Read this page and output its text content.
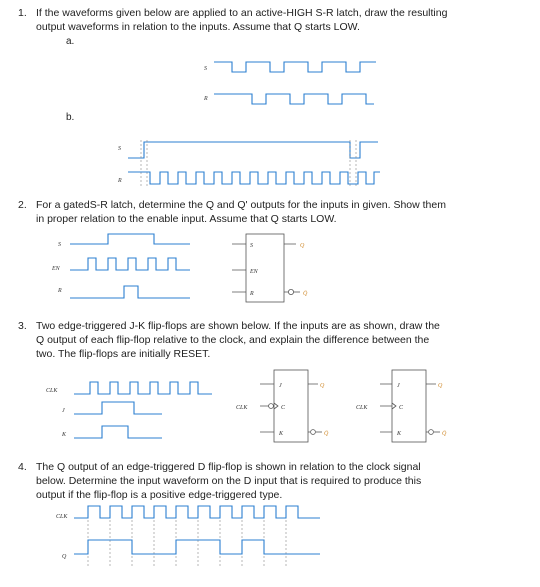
1. If the waveforms given below are applied to an active-HIGH S-R latch, draw the resulting
output waveforms in relation to the inputs. Assume that Q starts LOW.
a.
b.
2. For a gatedS-R latch, determine the Q and Q' outputs for the inputs in given. Show them
in proper relation to the enable input. Assume that Q starts LOW.
3. Two edge-triggered J-K flip-flops are shown below. If the inputs are as shown, draw the
Q output of each flip-flop relative to the clock, and explain the difference between the
two. The flip-flops are initially RESET.
4. The Q output of an edge-triggered D flip-flop is shown in relation to the clock signal
below. Determine the input waveform on the D input that is required to produce this
output if the flip-flop is a positive edge-triggered type.
S
R
S
R
S
EN
R
S
EN
R
Q
Q̄
CLK
J
K
J
CLK	C
K
Q
Q̄
J
CLK	C
K
Q
Q̄
CLK
Q
